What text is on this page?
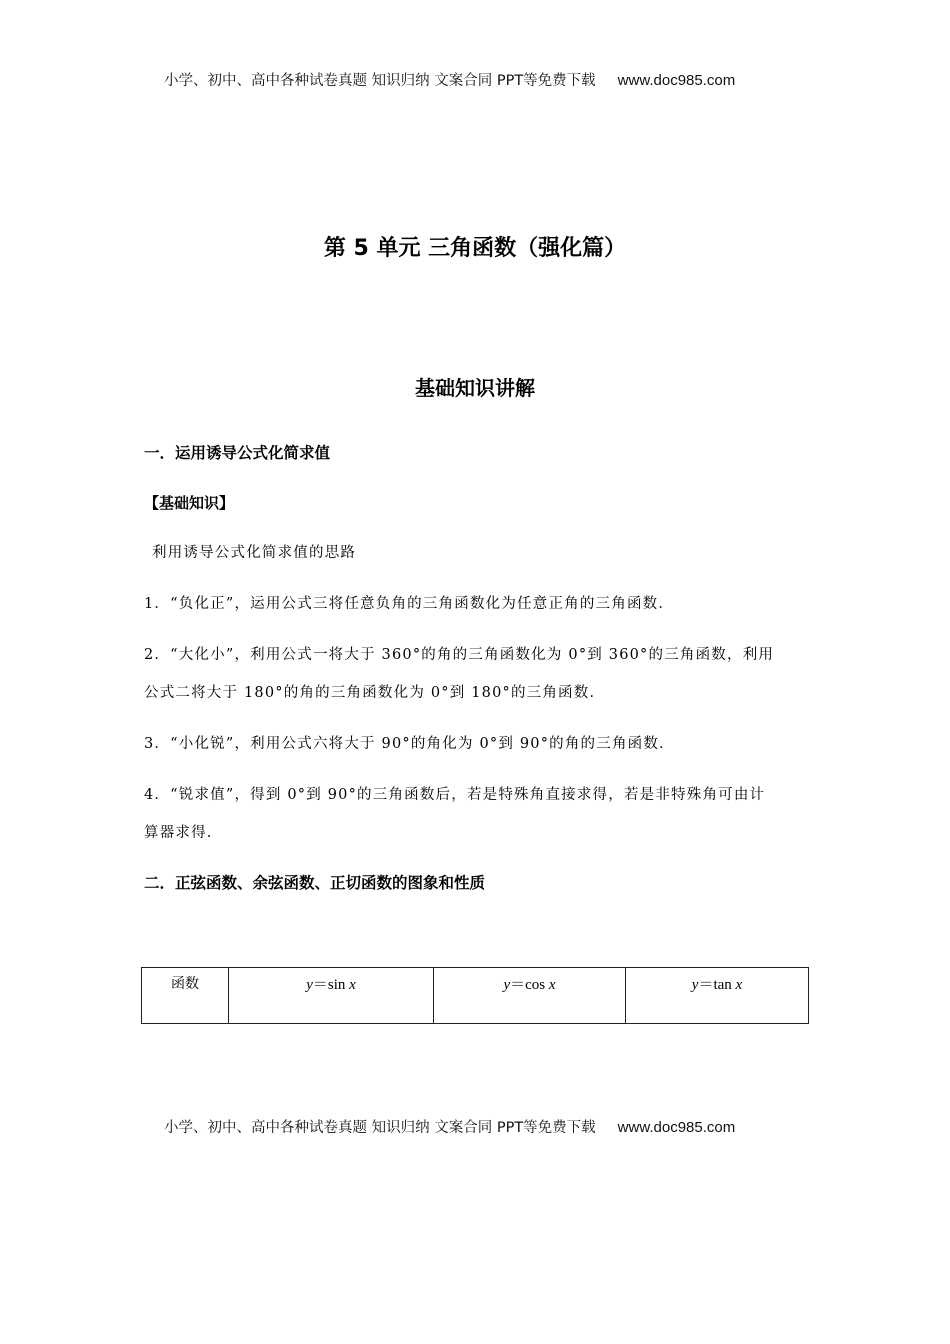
小学、初中、高中各种试卷真题 知识归纳 文案合同 PPT等免费下载 www.doc985.com
第 5 单元 三角函数（强化篇）
基础知识讲解
一．运用诱导公式化简求值
【基础知识】
利用诱导公式化简求值的思路
1．“负化正”，运用公式三将任意负角的三角函数化为任意正角的三角函数．
2．“大化小”，利用公式一将大于 360°的角的三角函数化为 0°到 360°的三角函数，利用
公式二将大于 180°的角的三角函数化为 0°到 180°的三角函数．
3．“小化锐”，利用公式六将大于 90°的角化为 0°到 90°的角的三角函数．
4．“锐求值”，得到 0°到 90°的三角函数后，若是特殊角直接求得，若是非特殊角可由计
算器求得．
二．正弦函数、余弦函数、正切函数的图象和性质
函数	y＝sin x	y＝cos x	y＝tan x
小学、初中、高中各种试卷真题 知识归纳 文案合同 PPT等免费下载 www.doc985.com
